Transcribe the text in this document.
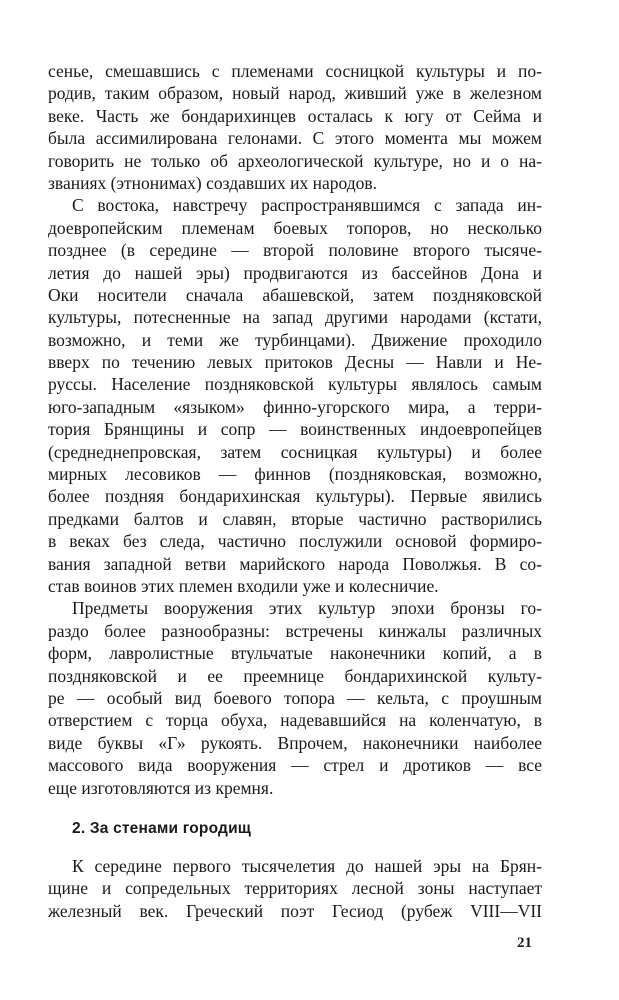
сенье, смешавшись с племенами сосницкой культуры и по-
родив, таким образом, новый народ, живший уже в железном
веке. Часть же бондарихинцев осталась к югу от Сейма и
была ассимилирована гелонами. С этого момента мы можем
говорить не только об археологической культуре, но и о на-
званиях (этнонимах) создавших их народов.
С востока, навстречу распространявшимся с запада ин-
доевропейским племенам боевых топоров, но несколько
позднее (в середине — второй половине второго тысяче-
летия до нашей эры) продвигаются из бассейнов Дона и
Оки носители сначала абашевской, затем поздняковской
культуры, потесненные на запад другими народами (кстати,
возможно, и теми же турбинцами). Движение проходило
вверх по течению левых притоков Десны — Навли и Не-
руссы. Население поздняковской культуры являлось самым
юго-западным «языком» финно-угорского мира, а терри-
тория Брянщины и сопр — воинственных индоевропейцев
(среднеднепровская, затем сосницкая культуры) и более
мирных лесовиков — финнов (поздняковская, возможно,
более поздняя бондарихинская культуры). Первые явились
предками балтов и славян, вторые частично растворились
в веках без следа, частично послужили основой формиро-
вания западной ветви марийского народа Поволжья. В со-
став воинов этих племен входили уже и колесничие.
Предметы вооружения этих культур эпохи бронзы го-
раздо более разнообразны: встречены кинжалы различных
форм, лавролистные втульчатые наконечники копий, а в
поздняковской и ее преемнице бондарихинской культу-
ре — особый вид боевого топора — кельта, с проушным
отверстием с торца обуха, надевавшийся на коленчатую, в
виде буквы «Г» рукоять. Впрочем, наконечники наиболее
массового вида вооружения — стрел и дротиков — все
еще изготовляются из кремня.
2. За стенами городищ
К середине первого тысячелетия до нашей эры на Брян-
щине и сопредельных территориях лесной зоны наступает
железный век. Греческий поэт Гесиод (рубеж VIII—VII
21
